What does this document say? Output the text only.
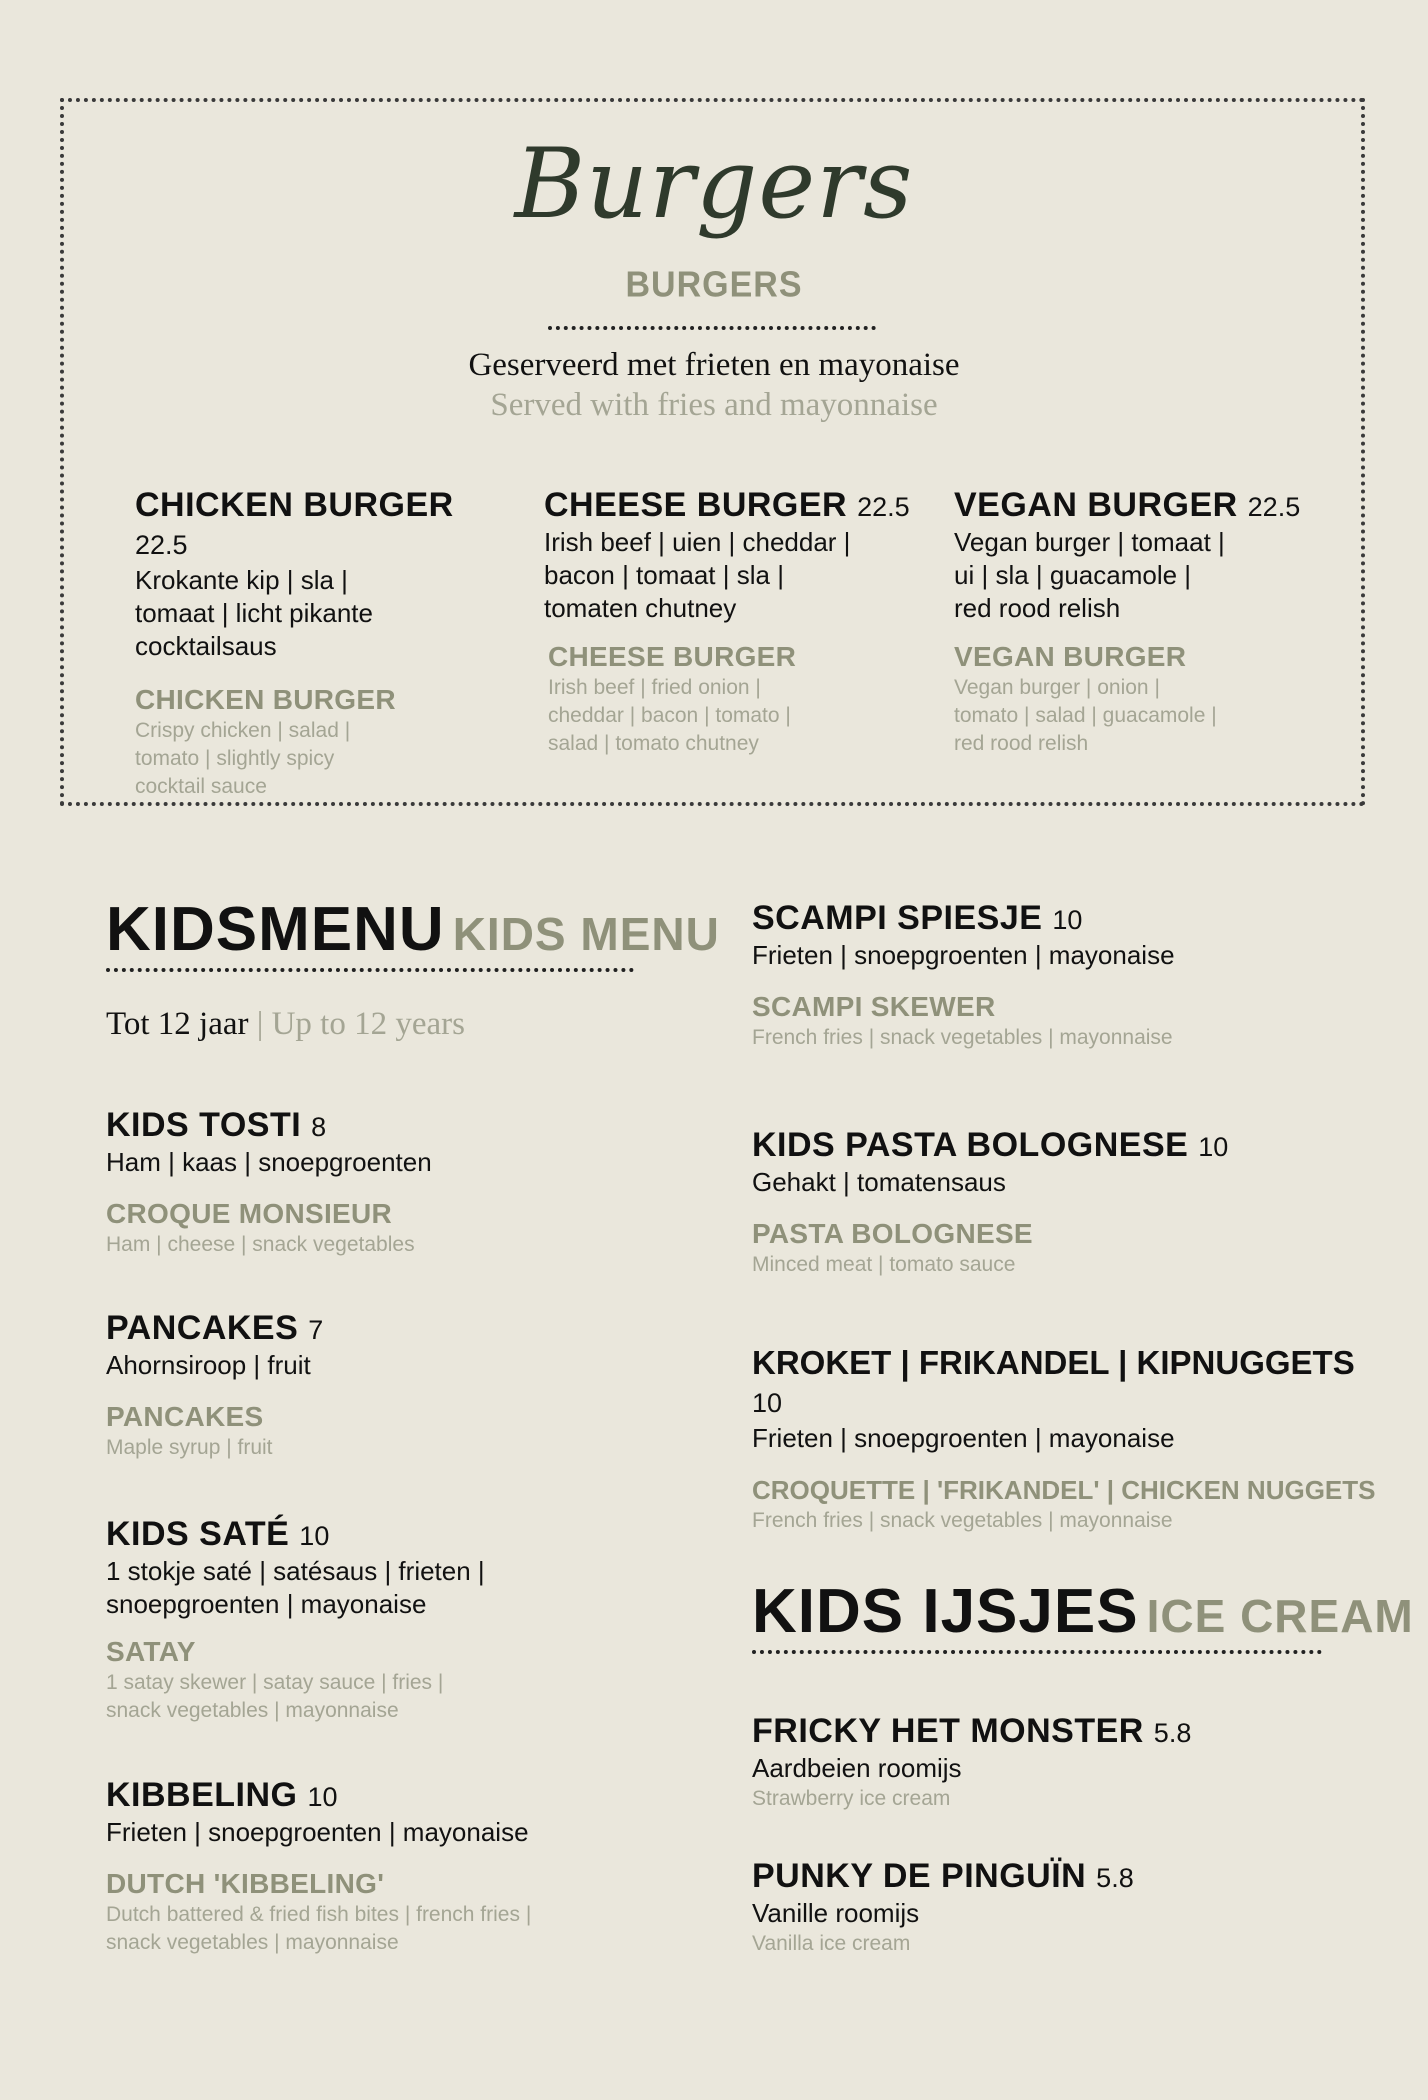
Burgers
BURGERS
Geserveerd met frieten en mayonaise
Served with fries and mayonnaise
CHICKEN BURGER 22.5
Krokante kip | sla |
tomaat | licht pikante
cocktailsaus
CHICKEN BURGER
Crispy chicken | salad |
tomato | slightly spicy
cocktail sauce
CHEESE BURGER 22.5
Irish beef | uien | cheddar |
bacon | tomaat | sla |
tomaten chutney
CHEESE BURGER
Irish beef | fried onion |
cheddar | bacon | tomato |
salad | tomato chutney
VEGAN BURGER 22.5
Vegan burger | tomaat |
ui | sla | guacamole |
red rood relish
VEGAN BURGER
Vegan burger | onion |
tomato | salad | guacamole |
red rood relish
KIDSMENU KIDS MENU
Tot 12 jaar | Up to 12 years
KIDS TOSTI 8
Ham | kaas | snoepgroenten
CROQUE MONSIEUR
Ham | cheese | snack vegetables
PANCAKES 7
Ahornsiroop | fruit
PANCAKES
Maple syrup | fruit
KIDS SATÉ 10
1 stokje saté | satésaus | frieten |
snoepgroenten | mayonaise
SATAY
1 satay skewer | satay sauce | fries |
snack vegetables | mayonnaise
KIBBELING 10
Frieten | snoepgroenten | mayonaise
DUTCH 'KIBBELING'
Dutch battered & fried fish bites | french fries |
snack vegetables | mayonnaise
SCAMPI SPIESJE 10
Frieten | snoepgroenten | mayonaise
SCAMPI SKEWER
French fries | snack vegetables | mayonnaise
KIDS PASTA BOLOGNESE 10
Gehakt | tomatensaus
PASTA BOLOGNESE
Minced meat | tomato sauce
KROKET | FRIKANDEL | KIPNUGGETS 10
Frieten | snoepgroenten | mayonaise
CROQUETTE | 'FRIKANDEL' | CHICKEN NUGGETS
French fries | snack vegetables | mayonnaise
KIDS IJSJES ICE CREAM
FRICKY HET MONSTER 5.8
Aardbeien roomijs
Strawberry ice cream
PUNKY DE PINGUÏN 5.8
Vanille roomijs
Vanilla ice cream
